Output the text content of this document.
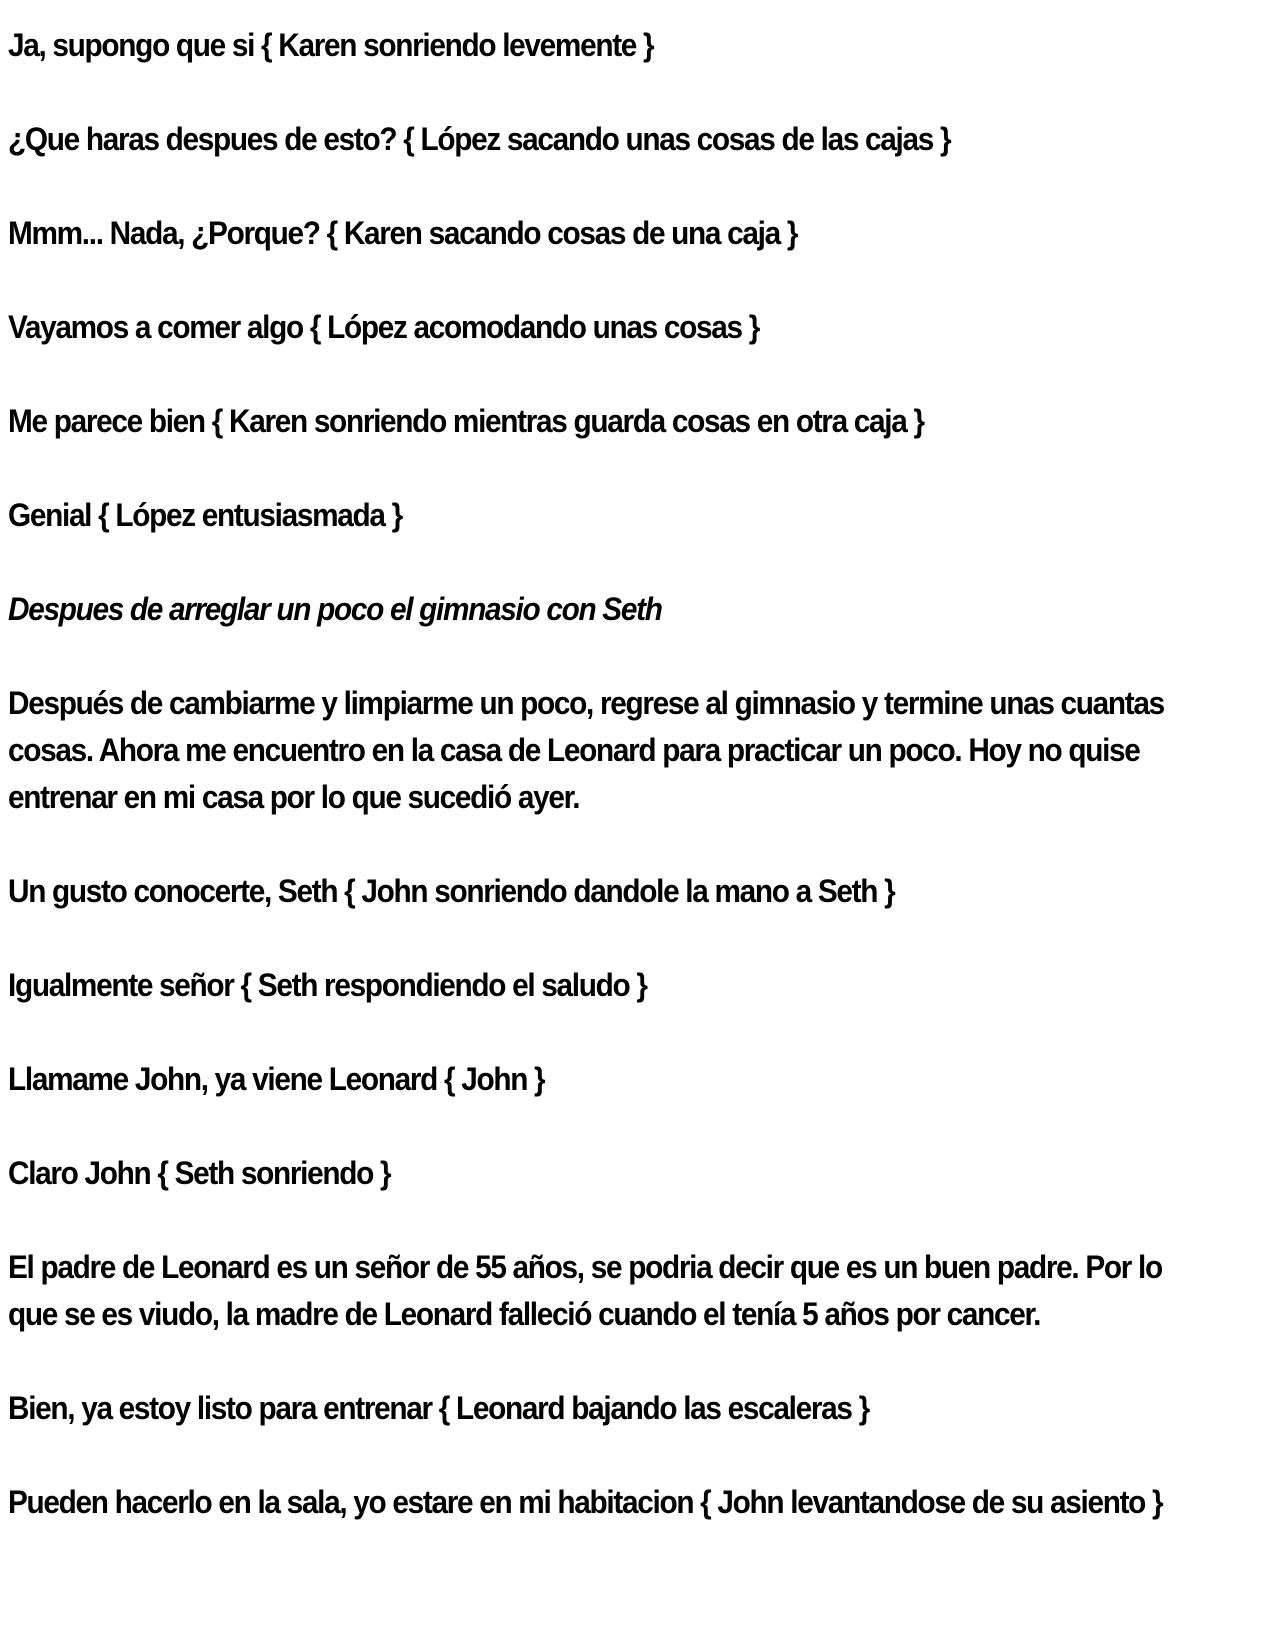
Ja, supongo que si { Karen sonriendo levemente }

¿Que haras despues de esto? { López sacando unas cosas de las cajas }

Mmm... Nada, ¿Porque? { Karen sacando cosas de una caja }

Vayamos a comer algo { López acomodando unas cosas }

Me parece bien { Karen sonriendo mientras guarda cosas en otra caja }

Genial { López entusiasmada }

Despues de arreglar un poco el gimnasio con Seth

Después de cambiarme y limpiarme un poco, regrese al gimnasio y termine unas cuantas cosas. Ahora me encuentro en la casa de Leonard para practicar un poco. Hoy no quise entrenar en mi casa por lo que sucedió ayer.

Un gusto conocerte, Seth { John sonriendo dandole la mano a Seth }

Igualmente señor { Seth respondiendo el saludo }

Llamame John, ya viene Leonard { John }

Claro John { Seth sonriendo }

El padre de Leonard es un señor de 55 años, se podria decir que es un buen padre. Por lo que se es viudo, la madre de Leonard falleció cuando el tenía 5 años por cancer.

Bien, ya estoy listo para entrenar { Leonard bajando las escaleras }

Pueden hacerlo en la sala, yo estare en mi habitacion { John levantandose de su asiento }
